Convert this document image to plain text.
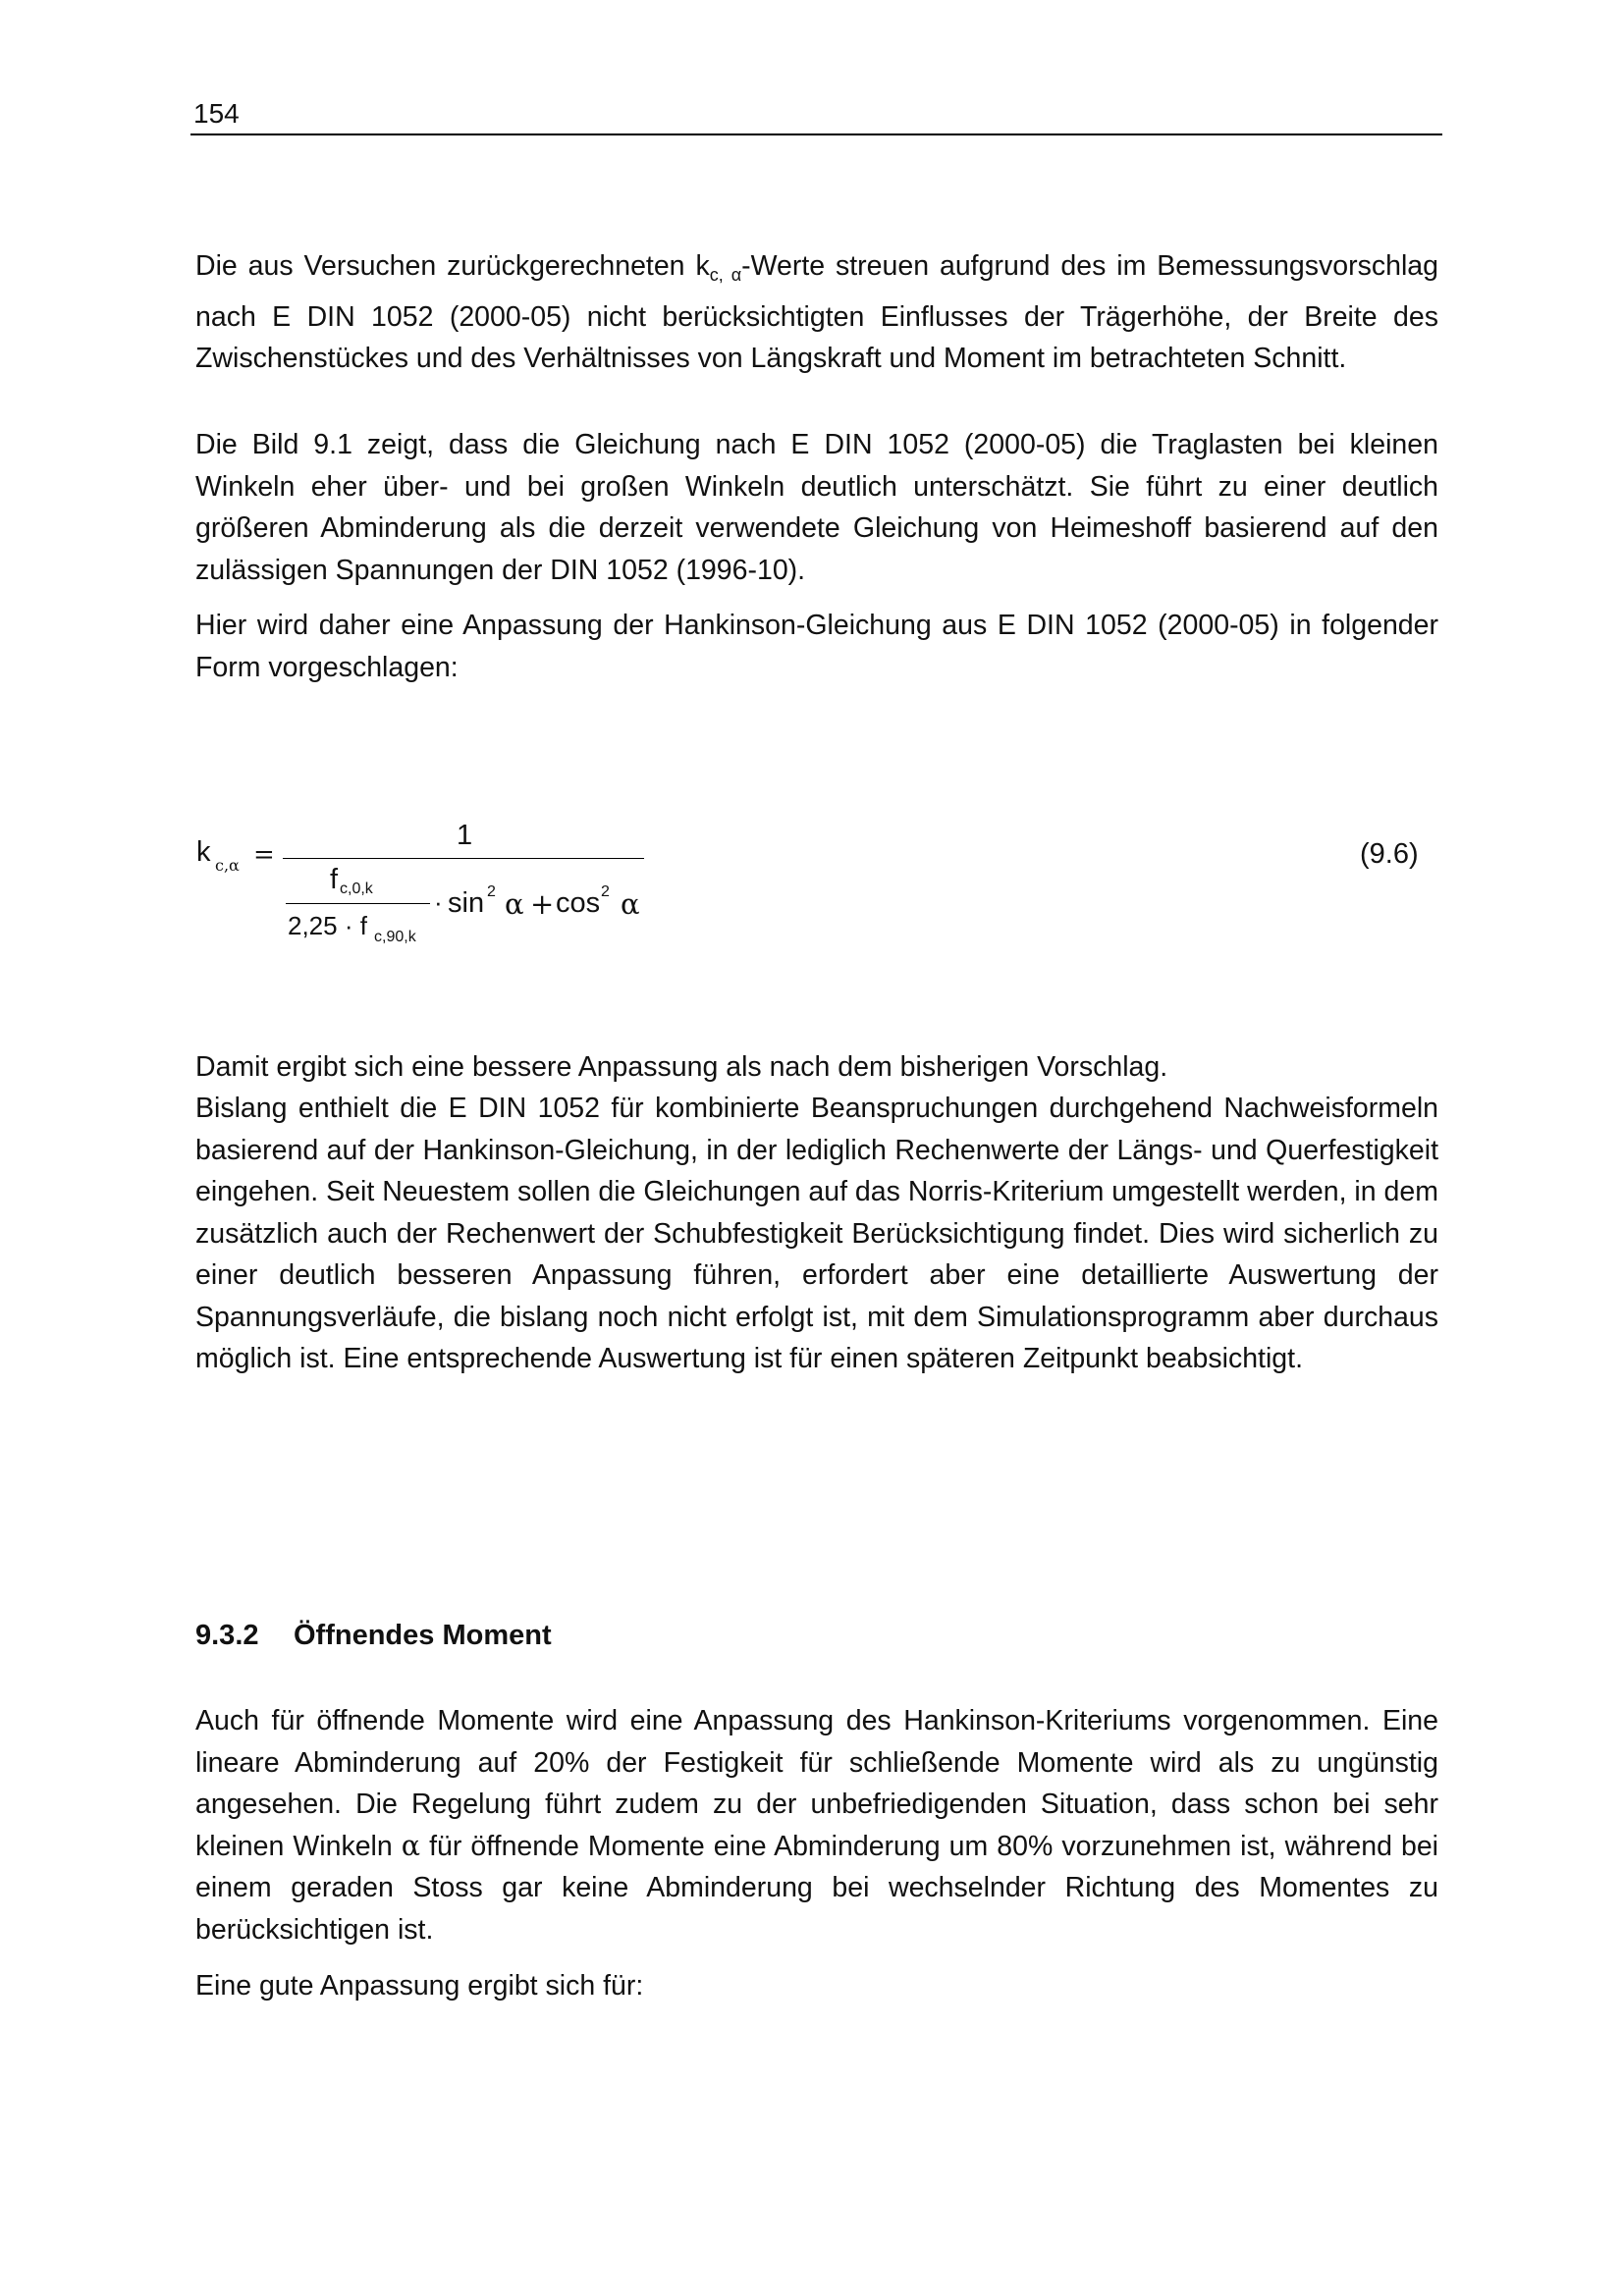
154

Die aus Versuchen zurückgerechneten $k_{c, \alpha}$-Werte streuen aufgrund des im Bemessungsvorschlag nach E DIN 1052 (2000-05) nicht berücksichtigten Einflusses der Trägerhöhe, der Breite des Zwischenstückes und des Verhältnisses von Längskraft und Moment im betrachteten Schnitt.

Die Bild 9.1 zeigt, dass die Gleichung nach E DIN 1052 (2000-05) die Traglasten bei kleinen Winkeln eher über- und bei großen Winkeln deutlich unterschätzt. Sie führt zu einer deutlich größeren Abminderung als die derzeit verwendete Gleichung von Heimeshoff basierend auf den zulässigen Spannungen der DIN 1052 (1996-10).

Hier wird daher eine Anpassung der Hankinson-Gleichung aus E DIN 1052 (2000-05) in folgender Form vorgeschlagen:

k c,α =
1
f c,0,k
2,25 · f c,90,k
· sin 2 α + cos 2 α
(9.6)

Damit ergibt sich eine bessere Anpassung als nach dem bisherigen Vorschlag.

Bislang enthielt die E DIN 1052 für kombinierte Beanspruchungen durchgehend Nachweisformeln basierend auf der Hankinson-Gleichung, in der lediglich Rechenwerte der Längs- und Querfestigkeit eingehen. Seit Neuestem sollen die Gleichungen auf das Norris-Kriterium umgestellt werden, in dem zusätzlich auch der Rechenwert der Schubfestigkeit Berücksichtigung findet. Dies wird sicherlich zu einer deutlich besseren Anpassung führen, erfordert aber eine detaillierte Auswertung der Spannungsverläufe, die bislang noch nicht erfolgt ist, mit dem Simulationsprogramm aber durchaus möglich ist. Eine entsprechende Auswertung ist für einen späteren Zeitpunkt beabsichtigt.

9.3.2 Öffnendes Moment

Auch für öffnende Momente wird eine Anpassung des Hankinson-Kriteriums vorgenommen. Eine lineare Abminderung auf 20% der Festigkeit für schließende Momente wird als zu ungünstig angesehen. Die Regelung führt zudem zu der unbefriedigenden Situation, dass schon bei sehr kleinen Winkeln α für öffnende Momente eine Abminderung um 80% vorzunehmen ist, während bei einem geraden Stoss gar keine Abminderung bei wechselnder Richtung des Momentes zu berücksichtigen ist.

Eine gute Anpassung ergibt sich für:
